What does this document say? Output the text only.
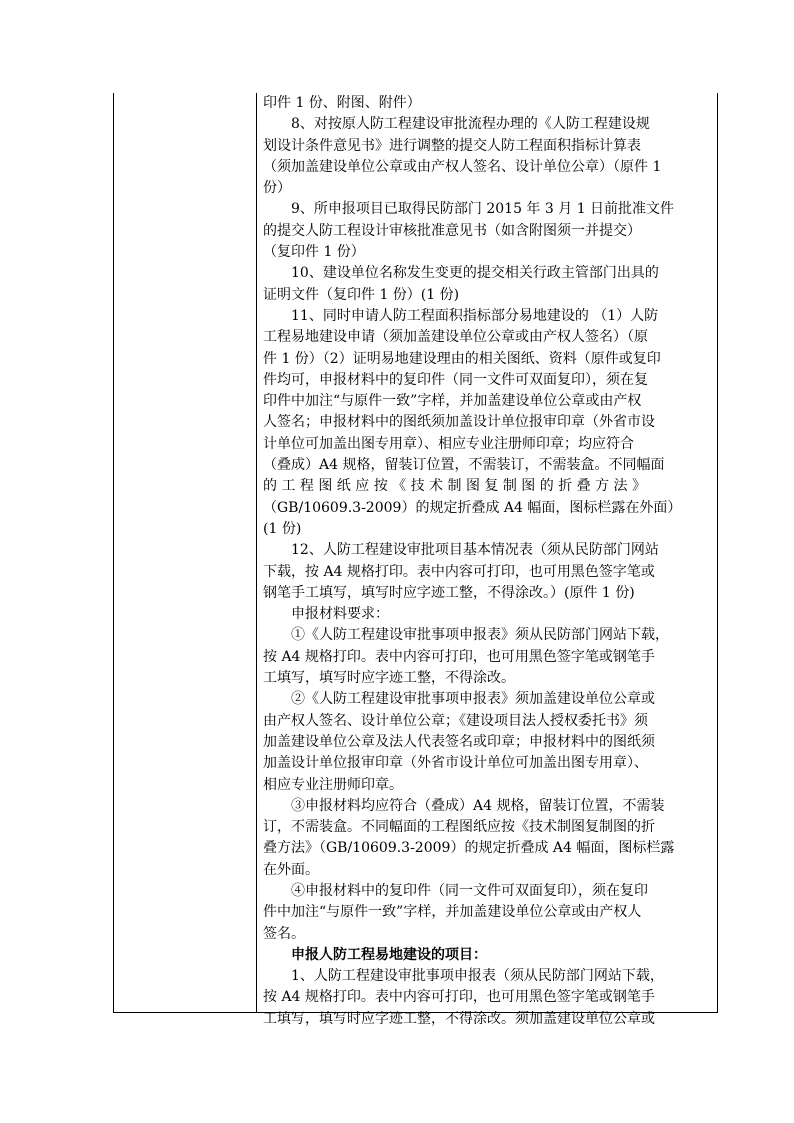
印件 1 份、附图、附件）
8、对按原人防工程建设审批流程办理的《人防工程建设规
划设计条件意见书》进行调整的提交人防工程面积指标计算表
（须加盖建设单位公章或由产权人签名、设计单位公章）（原件 1
份）
9、所申报项目已取得民防部门 2015 年 3 月 1 日前批准文件
的提交人防工程设计审核批准意见书（如含附图须一并提交）
（复印件 1 份）
10、建设单位名称发生变更的提交相关行政主管部门出具的
证明文件（复印件 1 份）(1 份)
11、同时申请人防工程面积指标部分易地建设的 （1）人防
工程易地建设申请（须加盖建设单位公章或由产权人签名）（原
件 1 份）（2）证明易地建设理由的相关图纸、资料（原件或复印
件均可，申报材料中的复印件（同一文件可双面复印），须在复
印件中加注“与原件一致”字样，并加盖建设单位公章或由产权
人签名；申报材料中的图纸须加盖设计单位报审印章（外省市设
计单位可加盖出图专用章）、相应专业注册师印章；均应符合
（叠成）A4 规格，留装订位置，不需装订，不需装盒。不同幅面
的 工 程 图 纸 应 按 《 技 术 制 图 复 制 图 的 折 叠 方 法 》
（GB/10609.3-2009）的规定折叠成 A4 幅面，图标栏露在外面）
(1 份)
12、人防工程建设审批项目基本情况表（须从民防部门网站
下载，按 A4 规格打印。表中内容可打印，也可用黑色签字笔或
钢笔手工填写，填写时应字迹工整，不得涂改。）(原件 1 份)
申报材料要求：
①《人防工程建设审批事项申报表》须从民防部门网站下载，
按 A4 规格打印。表中内容可打印，也可用黑色签字笔或钢笔手
工填写，填写时应字迹工整，不得涂改。
②《人防工程建设审批事项申报表》须加盖建设单位公章或
由产权人签名、设计单位公章；《建设项目法人授权委托书》须
加盖建设单位公章及法人代表签名或印章；申报材料中的图纸须
加盖设计单位报审印章（外省市设计单位可加盖出图专用章）、
相应专业注册师印章。
③申报材料均应符合（叠成）A4 规格，留装订位置，不需装
订，不需装盒。不同幅面的工程图纸应按《技术制图复制图的折
叠方法》（GB/10609.3-2009）的规定折叠成 A4 幅面，图标栏露
在外面。
④申报材料中的复印件（同一文件可双面复印），须在复印
件中加注“与原件一致”字样，并加盖建设单位公章或由产权人
签名。
申报人防工程易地建设的项目：
1、人防工程建设审批事项申报表（须从民防部门网站下载，
按 A4 规格打印。表中内容可打印，也可用黑色签字笔或钢笔手
工填写，填写时应字迹工整，不得涂改。须加盖建设单位公章或
